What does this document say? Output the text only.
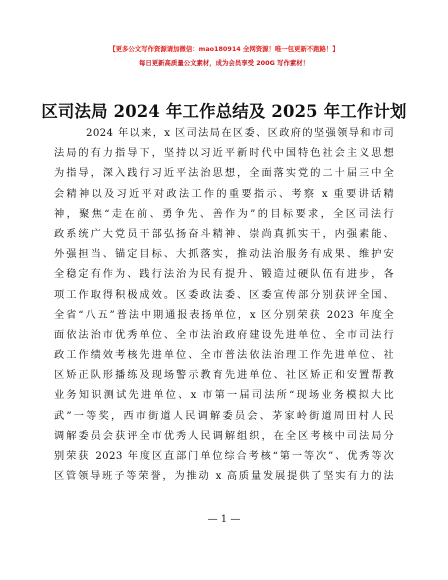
【更多公文写作资源请加微信：mao180914 全网资源！唯一包更新不跑路！】
每日更新高质量公文素材，成为会员享受 200G 写作素材！
区司法局 2024 年工作总结及 2025 年工作计划
2024 年以来，x 区司法局在区委、区政府的坚强领导和市司
法局的有力指导下，坚持以习近平新时代中国特色社会主义思想
为指导，深入践行习近平法治思想，全面落实党的二十届三中全
会精神以及习近平对政法工作的重要指示、考察 x 重要讲话精
神，聚焦“走在前、勇争先、善作为”的目标要求，全区司法行
政系统广大党员干部弘扬奋斗精神、崇尚真抓实干，内强素能、
外强担当、锚定目标、大抓落实，推动法治服务有成果、维护安
全稳定有作为、践行法治为民有提升、锻造过硬队伍有进步，各
项工作取得积极成效。区委政法委、区委宣传部分别获评全国、
全省“八五”普法中期通报表扬单位，x 区分别荣获 2023 年度全
面依法治市优秀单位、全市法治政府建设先进单位、全市司法行
政工作绩效考核先进单位、全市普法依法治理工作先进单位、社
区矫正队形播练及现场警示教育先进单位、社区矫正和安置帮教
业务知识测试先进单位、x 市第一届司法所“现场业务模拟大比
武”一等奖，西市街道人民调解委员会、茅家岭街道周田村人民
调解委员会获评全市优秀人民调解组织，在全区考核中司法局分
别荣获 2023 年度区直部门单位综合考核“第一等次”、优秀等次
区管领导班子等荣誉，为推动 x 高质量发展提供了坚实有力的法
— 1 —
